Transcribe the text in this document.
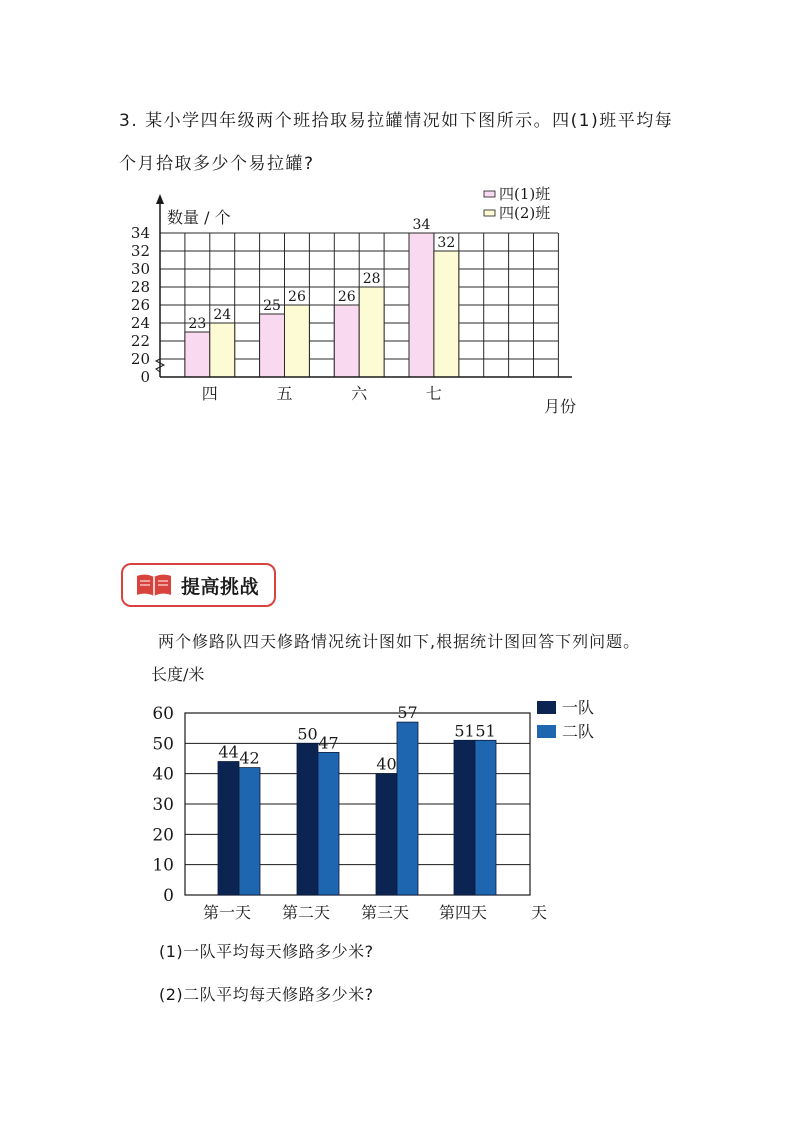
3. 某小学四年级两个班拾取易拉罐情况如下图所示。四(1)班平均每

个月拾取多少个易拉罐?

0
20
22
24
26
28
30
32
34
数量 / 个
23
25
26
34
24
26
28
32
四	五	六	七
月份
四(1)班
四(2)班
提高挑战

两个修路队四天修路情况统计图如下,根据统计图回答下列问题。

0
10
20
30
40
50
60
长度/米
44
50
40
51
42
47
57
51
第一天 第二天 第三天 第四天	天
一队
二队

(1)一队平均每天修路多少米?

(2)二队平均每天修路多少米?
